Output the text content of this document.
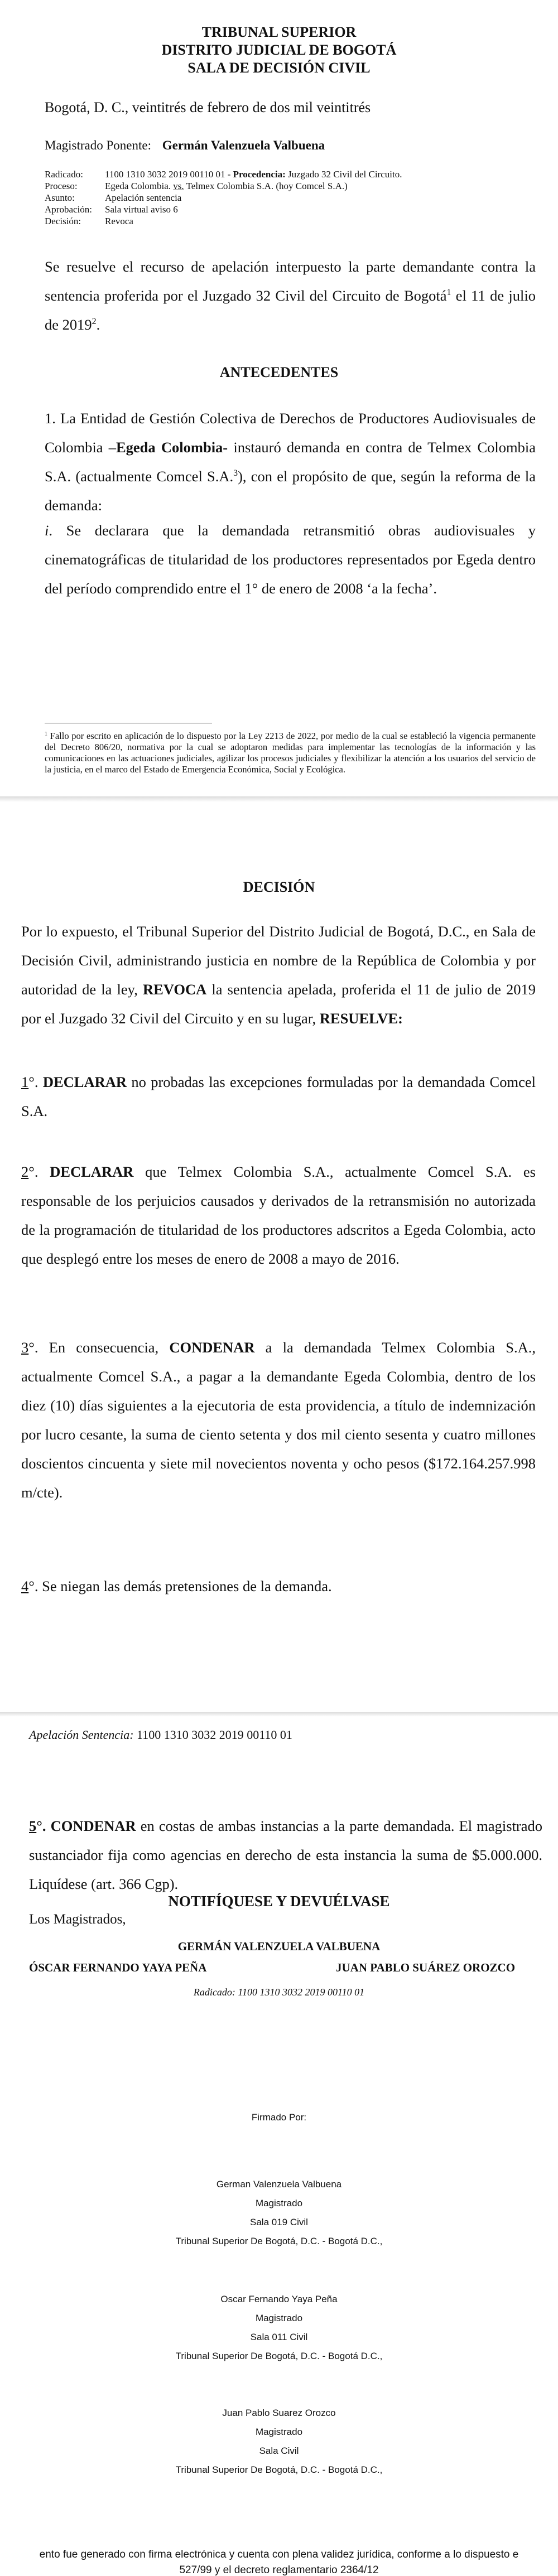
TRIBUNAL SUPERIOR
DISTRITO JUDICIAL DE BOGOTÁ
SALA DE DECISIÓN CIVIL
Bogotá, D. C., veintitrés de febrero de dos mil veintitrés
Magistrado Ponente: Germán Valenzuela Valbuena
Radicado: 1100 1310 3032 2019 00110 01 - Procedencia: Juzgado 32 Civil del Circuito.
Proceso:	Egeda Colombia. vs. Telmex Colombia S.A. (hoy Comcel S.A.)
Asunto:	Apelación sentencia
Aprobación: Sala virtual aviso 6
Decisión:	Revoca
Se resuelve el recurso de apelación interpuesto la parte demandante contra la sentencia proferida por el Juzgado 32 Civil del Circuito de Bogotá$^1$ el 11 de julio de 2019$^2$.
ANTECEDENTES
1. La Entidad de Gestión Colectiva de Derechos de Productores Audiovisuales de Colombia –Egeda Colombia- instauró demanda en contra de Telmex Colombia S.A. (actualmente Comcel S.A.$^3$), con el propósito de que, según la reforma de la demanda:
i. Se declarara que la demandada retransmitió obras audiovisuales y cinematográficas de titularidad de los productores representados por Egeda dentro del período comprendido entre el 1° de enero de 2008 ‘a la fecha’.
$^1$ Fallo por escrito en aplicación de lo dispuesto por la Ley 2213 de 2022, por medio de la cual se estableció la vigencia permanente del Decreto 806/20, normativa por la cual se adoptaron medidas para implementar las tecnologías de la información y las comunicaciones en las actuaciones judiciales, agilizar los procesos judiciales y flexibilizar la atención a los usuarios del servicio de la justicia, en el marco del Estado de Emergencia Económica, Social y Ecológica.
DECISIÓN
Por lo expuesto, el Tribunal Superior del Distrito Judicial de Bogotá, D.C., en Sala de Decisión Civil, administrando justicia en nombre de la República de Colombia y por autoridad de la ley, REVOCA la sentencia apelada, proferida el 11 de julio de 2019 por el Juzgado 32 Civil del Circuito y en su lugar, RESUELVE:
1°. DECLARAR no probadas las excepciones formuladas por la demandada Comcel S.A.
2°. DECLARAR que Telmex Colombia S.A., actualmente Comcel S.A. es responsable de los perjuicios causados y derivados de la retransmisión no autorizada de la programación de titularidad de los productores adscritos a Egeda Colombia, acto que desplegó entre los meses de enero de 2008 a mayo de 2016.
3°. En consecuencia, CONDENAR a la demandada Telmex Colombia S.A., actualmente Comcel S.A., a pagar a la demandante Egeda Colombia, dentro de los diez (10) días siguientes a la ejecutoria de esta providencia, a título de indemnización por lucro cesante, la suma de ciento setenta y dos mil ciento sesenta y cuatro millones doscientos cincuenta y siete mil novecientos noventa y ocho pesos ($172.164.257.998 m/cte).
4°. Se niegan las demás pretensiones de la demanda.
Apelación Sentencia: 1100 1310 3032 2019 00110 01
5°. CONDENAR en costas de ambas instancias a la parte demandada. El magistrado sustanciador fija como agencias en derecho de esta instancia la suma de $5.000.000. Liquídese (art. 366 Cgp).
NOTIFÍQUESE Y DEVUÉLVASE
Los Magistrados,
GERMÁN VALENZUELA VALBUENA
ÓSCAR FERNANDO YAYA PEÑA	JUAN PABLO SUÁREZ OROZCO
Radicado: 1100 1310 3032 2019 00110 01
Firmado Por:
German Valenzuela Valbuena
Magistrado
Sala 019 Civil
Tribunal Superior De Bogotá, D.C. - Bogotá D.C.,
Oscar Fernando Yaya Peña
Magistrado
Sala 011 Civil
Tribunal Superior De Bogotá, D.C. - Bogotá D.C.,
Juan Pablo Suarez Orozco
Magistrado
Sala Civil
Tribunal Superior De Bogotá, D.C. - Bogotá D.C.,
ento fue generado con firma electrónica y cuenta con plena validez jurídica, conforme a lo dispuesto e
527/99 y el decreto reglamentario 2364/12
